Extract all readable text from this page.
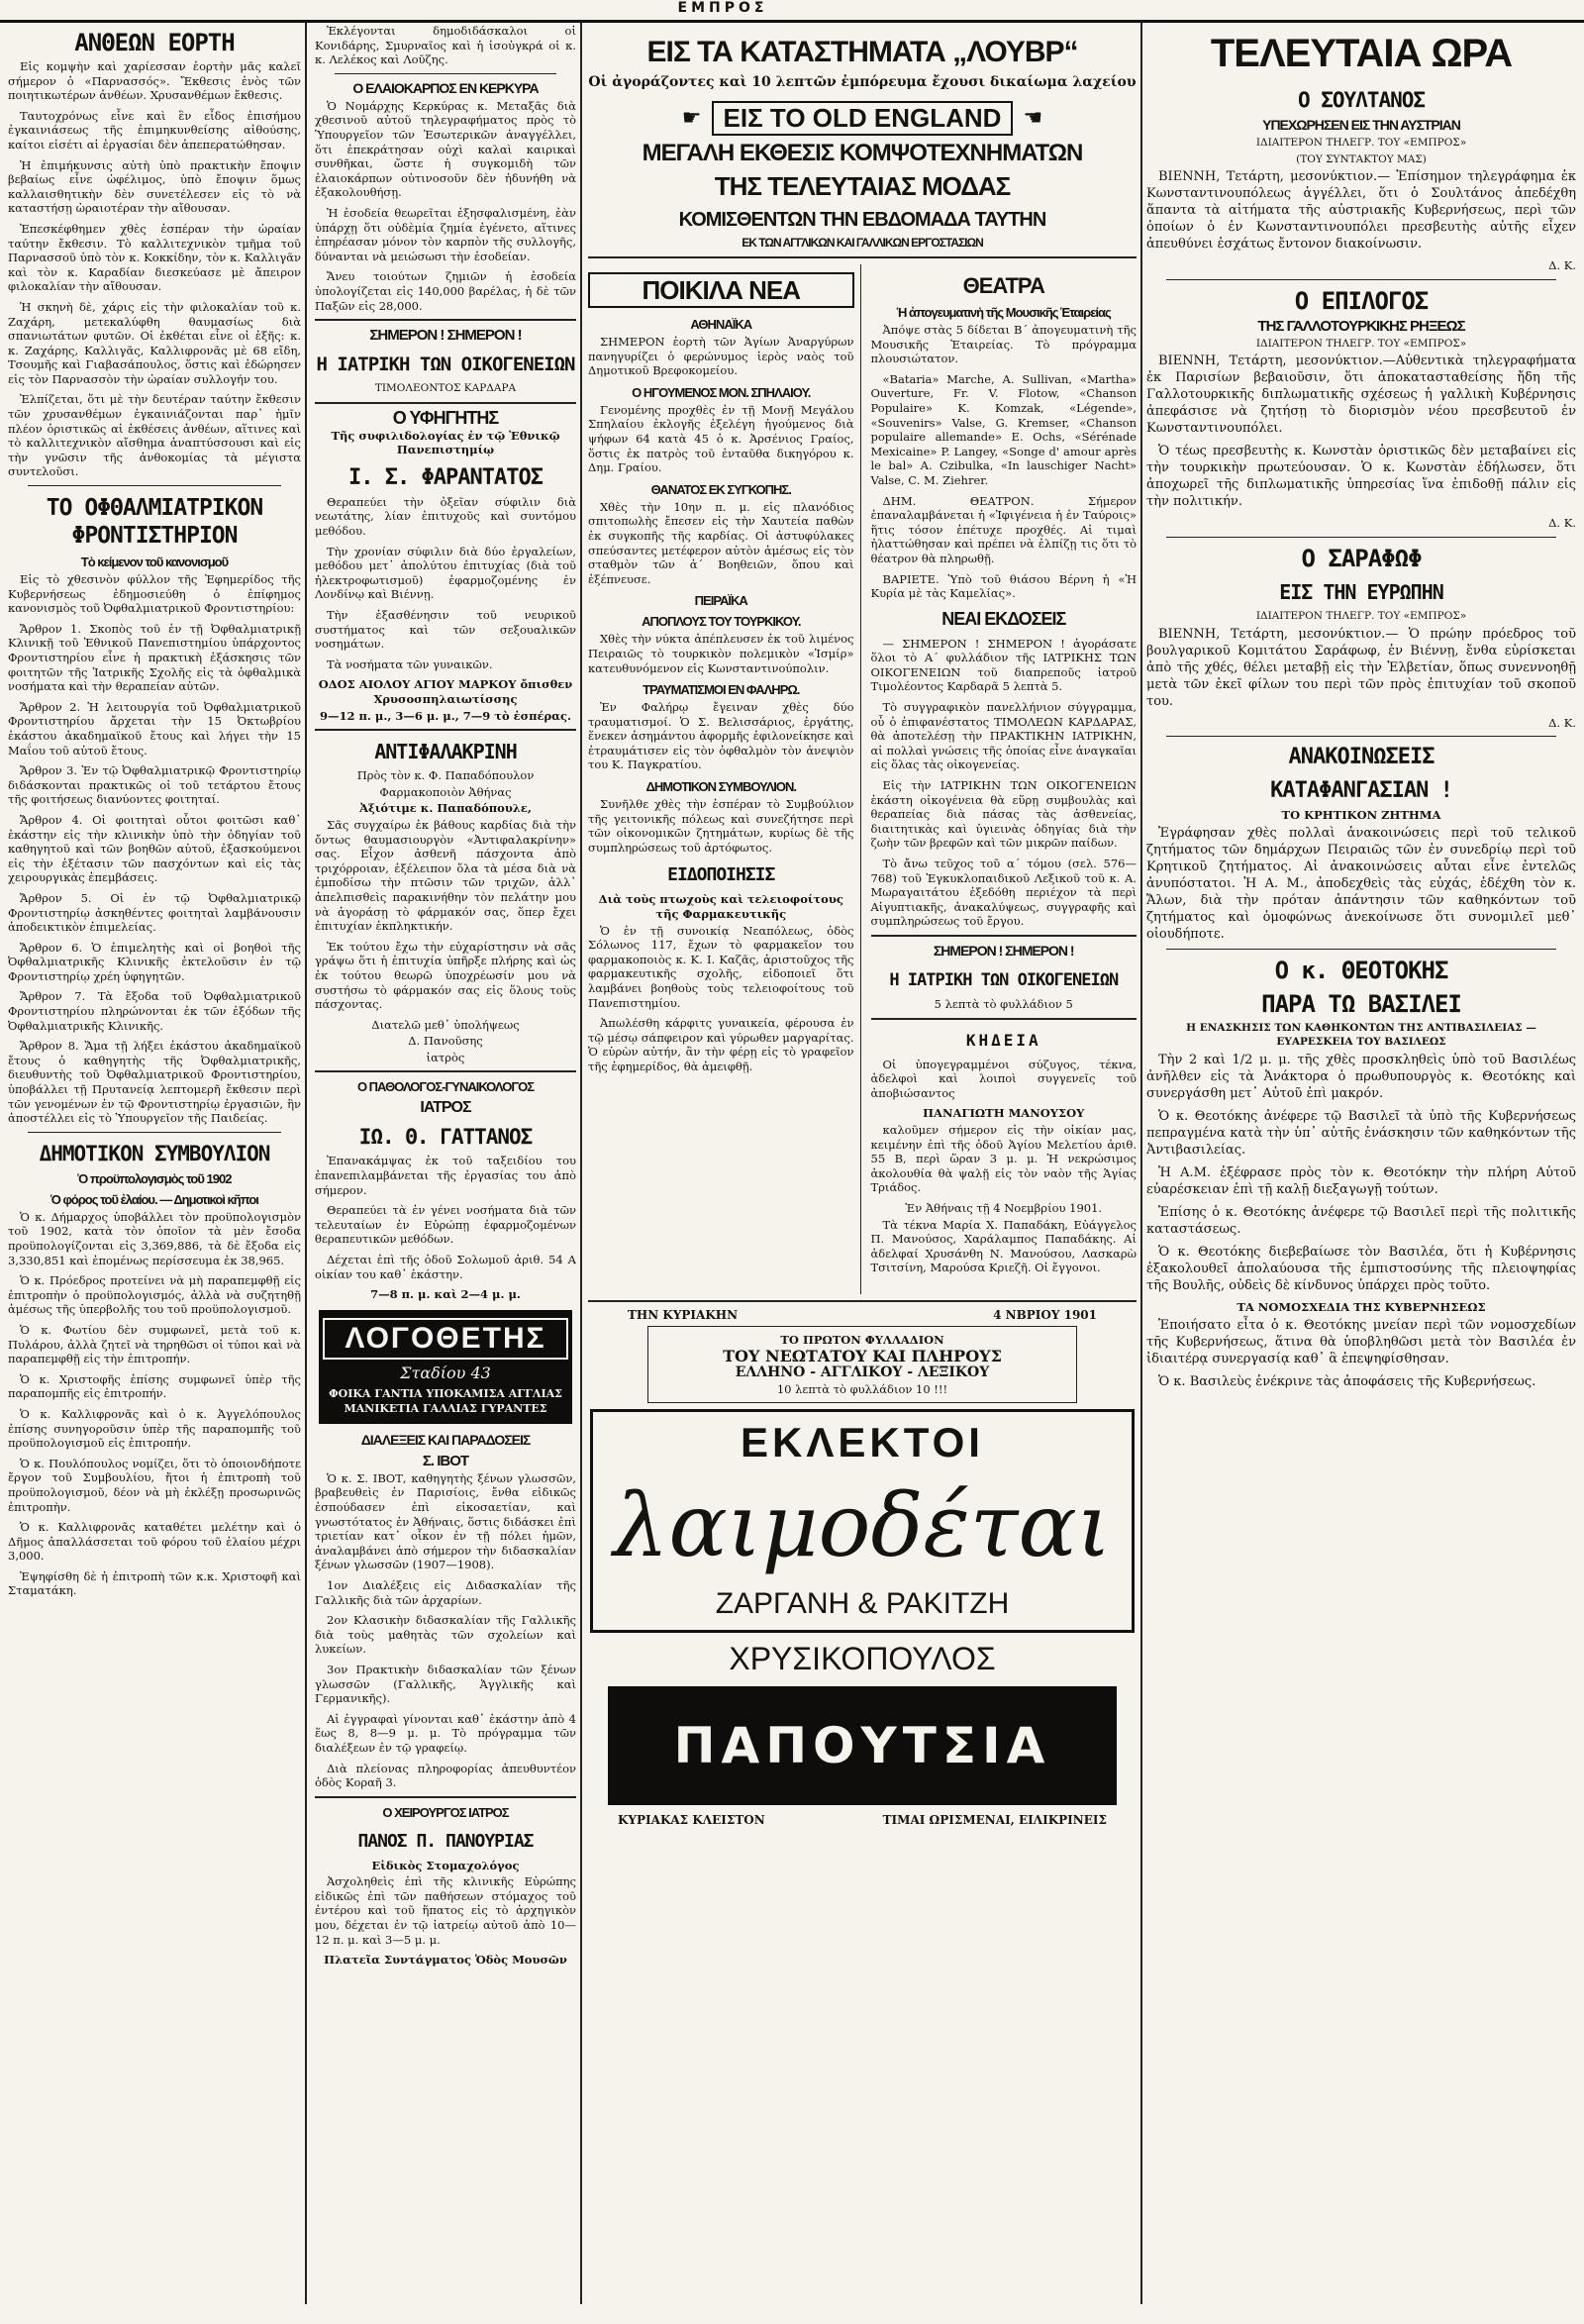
ΕΜΠΡΟΣ
ΑΝΘΕΩΝ ΕΟΡΤΗ

Εἰς κομψὴν καὶ χαρίεσσαν ἑορτὴν μᾶς καλεῖ σήμερον ὁ «Παρνασσός». Ἔκθεσις ἐνὸς τῶν ποιητικωτέρων ἀνθέων. Χρυσανθέμων ἔκθεσις.

Ταυτοχρόνως εἶνε καὶ ἓν εἶδος ἐπισήμου ἐγκαινιάσεως τῆς ἐπιμηκυνθείσης αἰθούσης, καίτοι εἰσέτι αἱ ἐργασίαι δὲν ἀπεπερατώθησαν.

Ἡ ἐπιμήκυνσις αὐτὴ ὑπὸ πρακτικὴν ἔποψιν βεβαίως εἶνε ὠφέλιμος, ὑπὸ ἔποψιν ὅμως καλλαισθητικὴν δὲν συνετέλεσεν εἰς τὸ νὰ καταστήσῃ ὡραιοτέραν τὴν αἴθουσαν.

Ἐπεσκέφθημεν χθὲς ἑσπέραν τὴν ὡραίαν ταύτην ἔκθεσιν. Τὸ καλλιτεχνικὸν τμῆμα τοῦ Παρνασσοῦ ὑπὸ τὸν κ. Κοκκίδην, τὸν κ. Καλλιγᾶν καὶ τὸν κ. Καραδίαν διεσκεύασε μὲ ἄπειρον φιλοκαλίαν τὴν αἴθουσαν.

Ἡ σκηνὴ δὲ, χάρις εἰς τὴν φιλοκαλίαν τοῦ κ. Ζαχάρη, μετεκαλύφθη θαυμασίως διὰ σπανιωτάτων φυτῶν. Οἱ ἐκθέται εἶνε οἱ ἑξῆς: κ. κ. Ζαχάρης, Καλλιγᾶς, Καλλιφρονᾶς μὲ 68 εἴδη, Τσουμῆς καὶ Γιαβασάπουλος, ὅστις καὶ ἐδώρησεν εἰς τὸν Παρνασσὸν τὴν ὡραίαν συλλογήν του.

Ἐλπίζεται, ὅτι μὲ τὴν δευτέραν ταύτην ἔκθεσιν τῶν χρυσανθέμων ἐγκαινιάζονται παρ᾽ ἡμῖν πλέον ὁριστικῶς αἱ ἐκθέσεις ἀνθέων, αἵτινες καὶ τὸ καλλιτεχνικὸν αἴσθημα ἀναπτύσσουσι καὶ εἰς τὴν γνῶσιν τῆς ἀνθοκομίας τὰ μέγιστα συντελοῦσι.

ΤΟ ΟΦΘΑΛΜΙΑΤΡΙΚΟΝ ΦΡΟΝΤΙΣΤΗΡΙΟΝ
Τὸ κείμενον τοῦ κανονισμοῦ

Εἰς τὸ χθεσινὸν φύλλον τῆς Ἐφημερίδος τῆς Κυβερνήσεως ἐδημοσιεύθη ὁ ἐπίφημος κανονισμὸς τοῦ Ὀφθαλμιατρικοῦ Φροντιστηρίου:

Ἄρθρον 1. Σκοπὸς τοῦ ἐν τῇ Ὀφθαλμιατρικῇ Κλινικῇ τοῦ Ἐθνικοῦ Πανεπιστημίου ὑπάρχοντος Φροντιστηρίου εἶνε ἡ πρακτικὴ ἐξάσκησις τῶν φοιτητῶν τῆς Ἰατρικῆς Σχολῆς εἰς τὰ ὀφθαλμικὰ νοσήματα καὶ τὴν θεραπείαν αὐτῶν.

Ἄρθρον 2. Ἡ λειτουργία τοῦ Ὀφθαλμιατρικοῦ Φροντιστηρίου ἄρχεται τὴν 15 Ὀκτωβρίου ἑκάστου ἀκαδημαϊκοῦ ἔτους καὶ λήγει τὴν 15 Μαΐου τοῦ αὐτοῦ ἔτους.

Ἄρθρον 3. Ἐν τῷ Ὀφθαλμιατρικῷ Φροντιστηρίῳ διδάσκονται πρακτικῶς οἱ τοῦ τετάρτου ἔτους τῆς φοιτήσεως διανύοντες φοιτηταί.

Ἄρθρον 4. Οἱ φοιτηταὶ οὗτοι φοιτῶσι καθ᾽ ἑκάστην εἰς τὴν κλινικὴν ὑπὸ τὴν ὁδηγίαν τοῦ καθηγητοῦ καὶ τῶν βοηθῶν αὐτοῦ, ἐξασκούμενοι εἰς τὴν ἐξέτασιν τῶν πασχόντων καὶ εἰς τὰς χειρουργικὰς ἐπεμβάσεις.

Ἄρθρον 5. Οἱ ἐν τῷ Ὀφθαλμιατρικῷ Φροντιστηρίῳ ἀσκηθέντες φοιτηταὶ λαμβάνουσιν ἀποδεικτικὸν ἐπιμελείας.

Ἄρθρον 6. Ὁ ἐπιμελητὴς καὶ οἱ βοηθοὶ τῆς Ὀφθαλμιατρικῆς Κλινικῆς ἐκτελοῦσιν ἐν τῷ Φροντιστηρίῳ χρέη ὑφηγητῶν.

Ἄρθρον 7. Τὰ ἔξοδα τοῦ Ὀφθαλμιατρικοῦ Φροντιστηρίου πληρώνονται ἐκ τῶν ἐξόδων τῆς Ὀφθαλμιατρικῆς Κλινικῆς.

Ἄρθρον 8. Ἅμα τῇ λήξει ἑκάστου ἀκαδημαϊκοῦ ἔτους ὁ καθηγητὴς τῆς Ὀφθαλμιατρικῆς, διευθυντὴς τοῦ Ὀφθαλμιατρικοῦ Φροντιστηρίου, ὑποβάλλει τῇ Πρυτανείᾳ λεπτομερῆ ἔκθεσιν περὶ τῶν γενομένων ἐν τῷ Φροντιστηρίῳ ἐργασιῶν, ἣν ἀποστέλλει εἰς τὸ Ὑπουργεῖον τῆς Παιδείας.

ΔΗΜΟΤΙΚΟΝ ΣΥΜΒΟΥΛΙΟΝ
Ὁ προϋπολογισμὸς τοῦ 1902
Ὁ φόρος τοῦ ἐλαίου. — Δημοτικοὶ κῆποι

Ὁ κ. Δήμαρχος ὑποβάλλει τὸν προϋπολογισμὸν τοῦ 1902, κατὰ τὸν ὁποῖον τὰ μὲν ἔσοδα προϋπολογίζονται εἰς 3,369,886, τὰ δὲ ἔξοδα εἰς 3,330,851 καὶ ἐπομένως περίσσευμα ἐκ 38,965.

Ὁ κ. Πρόεδρος προτείνει νὰ μὴ παραπεμφθῇ εἰς ἐπιτροπὴν ὁ προϋπολογισμός, ἀλλὰ νὰ συζητηθῇ ἀμέσως τῆς ὑπερβολῆς του τοῦ προϋπολογισμοῦ.

Ὁ κ. Φωτίου δὲν συμφωνεῖ, μετὰ τοῦ κ. Πυλάρου, ἀλλὰ ζητεῖ νὰ τηρηθῶσι οἱ τύποι καὶ νὰ παραπεμφθῇ εἰς τὴν ἐπιτροπήν.

Ὁ κ. Χριστοφῆς ἐπίσης συμφωνεῖ ὑπὲρ τῆς παραπομπῆς εἰς ἐπιτροπήν.

Ὁ κ. Καλλιφρονᾶς καὶ ὁ κ. Ἀγγελόπουλος ἐπίσης συνηγοροῦσιν ὑπὲρ τῆς παραπομπῆς τοῦ προϋπολογισμοῦ εἰς ἐπιτροπήν.

Ὁ κ. Πουλόπουλος νομίζει, ὅτι τὸ ὁποιονδήποτε ἔργον τοῦ Συμβουλίου, ἤτοι ἡ ἐπιτροπὴ τοῦ προϋπολογισμοῦ, δέον νὰ μὴ ἐκλέξῃ προσωρινῶς ἐπιτροπὴν.

Ὁ κ. Καλλιφρονᾶς καταθέτει μελέτην καὶ ὁ Δῆμος ἀπαλλάσσεται τοῦ φόρου τοῦ ἐλαίου μέχρι 3,000.

Ἐψηφίσθη δὲ ἡ ἐπιτροπὴ τῶν κ.κ. Χριστοφῆ καὶ Σταματάκη.

Ἐκλέγονται δημοδιδάσκαλοι οἱ Κονιδάρης, Σμυρναῖος καὶ ἡ ἰσοὐγκρά οἱ κ. κ. Λελέκος καὶ Λοῦζης.

Ο ΕΛΑΙΟΚΑΡΠΟΣ ΕΝ ΚΕΡΚΥΡΑ

Ὁ Νομάρχης Κερκύρας κ. Μεταξᾶς διὰ χθεσινοῦ αὐτοῦ τηλεγραφήματος πρὸς τὸ Ὑπουργεῖον τῶν Ἐσωτερικῶν ἀναγγέλλει, ὅτι ἐπεκράτησαν οὐχὶ καλαὶ καιρικαὶ συνθῆκαι, ὥστε ἡ συγκομιδὴ τῶν ἐλαιοκάρπων οὐτινοσοῦν δὲν ἠδυνήθη νὰ ἐξακολουθήσῃ.

Ἡ ἐσοδεία θεωρεῖται ἐξησφαλισμένη, ἐὰν ὑπάρχῃ ὅτι οὐδὲμία ζημία ἐγένετο, αἵτινες ἐπηρέασαν μόνον τὸν καρπὸν τῆς συλλογῆς, δύνανται νὰ μειώσωσι τὴν ἐσοδείαν.

Ἄνευ τοιούτων ζημιῶν ἡ ἐσοδεία ὑπολογίζεται εἰς 140,000 βαρέλας, ἡ δὲ τῶν Παξῶν εἰς 28,000.

ΣΗΜΕΡΟΝ ! ΣΗΜΕΡΟΝ !
Η ΙΑΤΡΙΚΗ ΤΩΝ ΟΙΚΟΓΕΝΕΙΩΝ

ΤΙΜΟΛΕΟΝΤΟΣ ΚΑΡΔΑΡΑ

Ο ΥΦΗΓΗΤΗΣ

Τῆς συφιλιδολογίας ἐν τῷ Ἐθνικῷ Πανεπιστημίῳ

Ι. Σ. ΦΑΡΑΝΤΑΤΟΣ

Θεραπεύει τὴν ὀξεῖαν σύφιλιν διὰ νεωτάτης, λίαν ἐπιτυχοῦς καὶ συντόμου μεθόδου.

Τὴν χρονίαν σύφιλιν διὰ δύο ἐργαλείων, μεθόδου μετ᾽ ἀπολύτου ἐπιτυχίας (διὰ τοῦ ἠλεκτροφωτισμοῦ) ἐφαρμοζομένης ἐν Λονδίνῳ καὶ Βιέννῃ.

Τὴν ἐξασθένησιν τοῦ νευρικοῦ συστήματος καὶ τῶν σεξουαλικῶν νοσημάτων.

Τὰ νοσήματα τῶν γυναικῶν.

ΟΔΟΣ ΑΙΟΛΟΥ ΑΓΙΟΥ ΜΑΡΚΟΥ ὄπισθεν Χρυσοσπηλαιωτίσσης

9—12 π. μ., 3—6 μ. μ., 7—9 τὸ ἑσπέρας.

ΑΝΤΙΦΑΛΑΚΡΙΝΗ

Πρὸς τὸν κ. Φ. Παπαδόπουλον

Φαρμακοποιὸν Ἀθήνας

Ἀξιότιμε κ. Παπαδόπουλε,

Σᾶς συγχαίρω ἐκ βάθους καρδίας διὰ τὴν ὄντως θαυμασιουργὸν «Ἀντιφαλακρίνην» σας. Εἶχον ἀσθενῆ πάσχοντα ἀπὸ τριχόρροιαν, ἐξέλειπον ὅλα τὰ μέσα διὰ νὰ ἐμποδίσω τὴν πτῶσιν τῶν τριχῶν, ἀλλ᾽ ἀπελπισθεὶς παρακινήθην τὸν πελάτην μου νὰ ἀγοράσῃ τὸ φάρμακόν σας, ὅπερ ἔχει ἐπιτυχίαν ἐκπληκτικήν.

Ἐκ τούτου ἔχω τὴν εὐχαρίστησιν νὰ σᾶς γράψω ὅτι ἡ ἐπιτυχία ὑπῆρξε πλήρης καὶ ὡς ἐκ τούτου θεωρῶ ὑποχρέωσίν μου νὰ συστήσω τὸ φάρμακόν σας εἰς ὅλους τοὺς πάσχοντας.

Διατελῶ μεθ᾽ ὑπολήψεως

Δ. Πανοῦσης

ἰατρὸς

Ο ΠΑΘΟΛΟΓΟΣ-ΓΥΝΑΙΚΟΛΟΓΟΣ
ΙΑΤΡΟΣ
ΙΩ. Θ. ΓΑΤΤΑΝΟΣ

Ἐπανακάμψας ἐκ τοῦ ταξειδίου του ἐπανεπιλαμβάνεται τῆς ἐργασίας του ἀπὸ σήμερον.

Θεραπεύει τὰ ἐν γένει νοσήματα διὰ τῶν τελευταίων ἐν Εὐρώπῃ ἐφαρμοζομένων θεραπευτικῶν μεθόδων.

Δέχεται ἐπὶ τῆς ὁδοῦ Σολωμοῦ ἀριθ. 54 Α οἰκίαν του καθ᾽ ἑκάστην.

7—8 π. μ. καὶ 2—4 μ. μ.

ΛΟΓΟΘΕΤΗΣ
Σταδίου 43
ΦΟΙΚΑ ΓΑΝΤΙΑ ΥΠΟΚΑΜΙΣΑ ΑΓΓΛΙΑΣ ΜΑΝΙΚΕΤΙΑ ΓΑΛΛΙΑΣ ΓΥΡΑΝΤΕΣ
ΔΙΑΛΕΞΕΙΣ ΚΑΙ ΠΑΡΑΔΟΣΕΙΣ
Σ. ΙΒΟΤ

Ὁ κ. Σ. ΙΒΟΤ, καθηγητὴς ξένων γλωσσῶν, βραβευθεὶς ἐν Παρισίοις, ἔνθα εἰδικῶς ἐσπούδασεν ἐπὶ εἰκοσαετίαν, καὶ γνωστότατος ἐν Ἀθήναις, ὅστις διδάσκει ἐπὶ τριετίαν κατ᾽ οἶκον ἐν τῇ πόλει ἡμῶν, ἀναλαμβάνει ἀπὸ σήμερον τὴν διδασκαλίαν ξένων γλωσσῶν (1907—1908).

1ον Διαλέξεις εἰς Διδασκαλίαν τῆς Γαλλικῆς διὰ τῶν ἀρχαρίων.

2ον Κλασικὴν διδασκαλίαν τῆς Γαλλικῆς διὰ τοὺς μαθητὰς τῶν σχολείων καὶ λυκείων.

3ον Πρακτικὴν διδασκαλίαν τῶν ξένων γλωσσῶν (Γαλλικῆς, Ἀγγλικῆς καὶ Γερμανικῆς).

Αἱ ἐγγραφαὶ γίνονται καθ᾽ ἑκάστην ἀπὸ 4 ἕως 8, 8—9 μ. μ. Τὸ πρόγραμμα τῶν διαλέξεων ἐν τῷ γραφείῳ.

Διὰ πλείονας πληροφορίας ἀπευθυντέον ὁδὸς Κοραῆ 3.

Ο ΧΕΙΡΟΥΡΓΟΣ ΙΑΤΡΟΣ
ΠΑΝΟΣ Π. ΠΑΝΟΥΡΙΑΣ

Εἰδικὸς Στομαχολόγος

Ἀσχοληθεὶς ἐπὶ τῆς κλινικῆς Εὐρώπης εἰδικῶς ἐπὶ τῶν παθήσεων στόμαχος τοῦ ἐντέρου καὶ τοῦ ἥπατος εἰς τὸ ἀρχηγικὸν μου, δέχεται ἐν τῷ ἰατρείῳ αὐτοῦ ἀπὸ 10—12 π. μ. καὶ 3—5 μ. μ.

Πλατεῖα Συντάγματος Ὁδὸς Μουσῶν

ΕΙΣ ΤΑ ΚΑΤΑΣΤΗΜΑΤΑ „ΛΟΥΒΡ“

Οἱ ἀγοράζοντες καὶ 10 λεπτῶν ἐμπόρευμα ἔχουσι δικαίωμα λαχείου

☛ ΕΙΣ ΤΟ OLD ENGLAND	☚
ΜΕΓΑΛΗ ΕΚΘΕΣΙΣ ΚΟΜΨΟΤΕΧΝΗΜΑΤΩΝ
ΤΗΣ ΤΕΛΕΥΤΑΙΑΣ ΜΟΔΑΣ
ΚΟΜΙΣΘΕΝΤΩΝ ΤΗΝ ΕΒΔΟΜΑΔΑ ΤΑΥΤΗΝ
ΕΚ ΤΩΝ ΑΓΓΛΙΚΩΝ ΚΑΙ ΓΑΛΛΙΚΩΝ ΕΡΓΟΣΤΑΣΙΩΝ
ΠΟΙΚΙΛΑ ΝΕΑ
ΑΘΗΝΑΪΚΑ

ΣΗΜΕΡΟΝ ἑορτὴ τῶν Ἁγίων Ἀναργύρων πανηγυρίζει ὁ φερώνυμος ἱερὸς ναὸς τοῦ Δημοτικοῦ Βρεφοκομείου.

Ο ΗΓΟΥΜΕΝΟΣ ΜΟΝ. ΣΠΗΛΑΙΟΥ.

Γενομένης προχθὲς ἐν τῇ Μονῇ Μεγάλου Σπηλαίου ἐκλογῆς ἐξελέγη ἡγούμενος διὰ ψήφων 64 κατὰ 45 ὁ κ. Ἀρσένιος Γραίος, ὅστις ἐκ πατρὸς τοῦ ἐνταῦθα δικηγόρου κ. Δημ. Γραίου.

ΘΑΝΑΤΟΣ ΕΚ ΣΥΓΚΟΠΗΣ.

Χθὲς τὴν 10ην π. μ. εἰς πλανόδιος σπιτοπωλὴς ἔπεσεν εἰς τὴν Χαυτεία παθὼν ἐκ συγκοπῆς τῆς καρδίας. Οἱ ἀστυφύλακες σπεύσαντες μετέφερον αὐτὸν ἀμέσως εἰς τὸν σταθμὸν τῶν ἀ΄ Βοηθειῶν, ὅπου καὶ ἐξέπνευσε.

ΠΕΙΡΑΪΚΑ
ΑΠΟΠΛΟΥΣ ΤΟΥ ΤΟΥΡΚΙΚΟΥ.

Χθὲς τὴν νύκτα ἀπέπλευσεν ἐκ τοῦ λιμένος Πειραιῶς τὸ τουρκικὸν πολεμικὸν «Ἰσμίρ» κατευθυνόμενον εἰς Κωνσταντινούπολιν.

ΤΡΑΥΜΑΤΙΣΜΟΙ ΕΝ ΦΑΛΗΡΩ.

Ἐν Φαλήρῳ ἔγειναν χθὲς δύο τραυματισμοί. Ὁ Σ. Βελισσάριος, ἐργάτης, ἕνεκεν ἀσημάντου ἀφορμῆς ἐφιλονείκησε καὶ ἐτραυμάτισεν εἰς τὸν ὀφθαλμὸν τὸν ἀνεψιὸν του Κ. Παγκρατίου.

ΔΗΜΟΤΙΚΟΝ ΣΥΜΒΟΥΛΙΟΝ.

Συνῆλθε χθὲς τὴν ἑσπέραν τὸ Συμβούλιον τῆς γειτονικῆς πόλεως καὶ συνεζήτησε περὶ τῶν οἰκονομικῶν ζητημάτων, κυρίως δὲ τῆς συμπληρώσεως τοῦ ἀρτόφωτος.

ΕΙΔΟΠΟΙΗΣΙΣ

Διὰ τοὺς πτωχοὺς καὶ τελειοφοίτους τῆς Φαρμακευτικῆς

Ὁ ἐν τῇ συνοικίᾳ Νεαπόλεως, ὁδὸς Σόλωνος 117, ἔχων τὸ φαρμακεῖον του φαρμακοποιὸς κ. Κ. Ι. Καζᾶς, ἀριστοῦχος τῆς φαρμακευτικῆς σχολῆς, εἰδοποιεῖ ὅτι λαμβάνει βοηθοὺς τοὺς τελειοφοίτους τοῦ Πανεπιστημίου.

Ἀπωλέσθη κάρφιτς γυναικεία, φέρουσα ἐν τῷ μέσῳ σάπφειρον καὶ γύρωθεν μαργαρίτας. Ὁ εὑρὼν αὐτήν, ἂν τὴν φέρῃ εἰς τὸ γραφεῖον τῆς ἐφημερίδος, θὰ ἀμειφθῇ.

ΘΕΑΤΡΑ
Ἡ ἀπογευματινὴ τῆς Μουσικῆς Ἑταιρείας

Ἀπόψε στὰς 5 δίδεται Β΄ ἀπογευματινὴ τῆς Μουσικῆς Ἑταιρείας. Τὸ πρόγραμμα πλουσιώτατον.

«Bataria» Marche, A. Sullivan, «Martha» Ouverture, Fr. V. Flotow, «Chanson Populaire» K. Komzak, «Légende», «Souvenirs» Valse, G. Kremser, «Chanson populaire allemande» E. Ochs, «Sérénade Mexicaine» P. Langey, «Songe d' amour après le bal» A. Czibulka, «In lauschiger Nacht» Valse, C. M. Ziehrer.

ΔΗΜ. ΘΕΑΤΡΟΝ. Σήμερον ἐπαναλαμβάνεται ἡ «Ἰφιγένεια ἡ ἐν Ταύροις» ἥτις τόσον ἐπέτυχε προχθές. Αἱ τιμαὶ ἠλαττώθησαν καὶ πρέπει νὰ ἐλπίζῃ τις ὅτι τὸ θέατρον θὰ πληρωθῇ.

ΒΑΡΙΕΤΕ. Ὑπὸ τοῦ θιάσου Βέρνη ἡ «Ἡ Κυρία μὲ τὰς Καμελίας».

ΝΕΑΙ ΕΚΔΟΣΕΙΣ

— ΣΗΜΕΡΟΝ ! ΣΗΜΕΡΟΝ ! ἀγοράσατε ὅλοι τὸ Α΄ φυλλάδιον τῆς ΙΑΤΡΙΚΗΣ ΤΩΝ ΟΙΚΟΓΕΝΕΙΩΝ τοῦ διαπρεποῦς ἰατροῦ Τιμολέοντος Καρδαρᾶ 5 λεπτὰ 5.

Τὸ συγγραφικὸν πανελλήνιον σύγγραμμα, οὗ ὁ ἐπιφανέστατος ΤΙΜΟΛΕΩΝ ΚΑΡΔΑΡΑΣ, θὰ ἀποτελέσῃ τὴν ΠΡΑΚΤΙΚΗΝ ΙΑΤΡΙΚΗΝ, αἱ πολλαὶ γνώσεις τῆς ὁποίας εἶνε ἀναγκαῖαι εἰς ὅλας τὰς οἰκογενείας.

Εἰς τὴν ΙΑΤΡΙΚΗΝ ΤΩΝ ΟΙΚΟΓΕΝΕΙΩΝ ἑκάστη οἰκογένεια θὰ εὕρῃ συμβουλὰς καὶ θεραπείας διὰ πάσας τὰς ἀσθενείας, διαιτητικὰς καὶ ὑγιεινὰς ὁδηγίας διὰ τὴν ζωὴν τῶν βρεφῶν καὶ τῶν μικρῶν παίδων.

Τὸ ἄνω τεῦχος τοῦ α΄ τόμου (σελ. 576—768) τοῦ Ἐγκυκλοπαιδικοῦ Λεξικοῦ τοῦ κ. Α. Μωραγαιτάτου ἐξεδόθη περιέχον τὰ περὶ Αἰγυπτιακῆς, ἀνακαλύψεως, συγγραφῆς καὶ συμπληρώσεως τοῦ ἔργου.

ΣΗΜΕΡΟΝ ! ΣΗΜΕΡΟΝ !
Η ΙΑΤΡΙΚΗ ΤΩΝ ΟΙΚΟΓΕΝΕΙΩΝ

5 λεπτὰ τὸ φυλλάδιον 5

ΚΗΔΕΙΑ

Οἱ ὑπογεγραμμένοι σύζυγος, τέκνα, ἀδελφοὶ καὶ λοιποὶ συγγενεῖς τοῦ ἀποβιώσαντος

ΠΑΝΑΓΙΩΤΗ ΜΑΝΟΥΣΟΥ

καλοῦμεν σήμερον εἰς τὴν οἰκίαν μας, κειμένην ἐπὶ τῆς ὁδοῦ Ἁγίου Μελετίου ἀριθ. 55 Β, περὶ ὥραν 3 μ. μ. Ἡ νεκρώσιμος ἀκολουθία θὰ ψαλῇ εἰς τὸν ναὸν τῆς Ἁγίας Τριάδος.

Ἐν Ἀθήναις τῇ 4 Νοεμβρίου 1901.

Τὰ τέκνα Μαρία Χ. Παπαδάκη, Εὐάγγελος Π. Μανούσος, Χαράλαμπος Παπαδάκης. Αἱ ἀδελφαί Χρυσάνθη Ν. Μανούσου, Λασκαρὼ Τσιτσίνη, Μαρούσα Κριεζῆ. Οἱ ἔγγονοι.

ΤΗΝ ΚΥΡΙΑΚΗΝ	4 ΝΒΡΙΟΥ 1901

ΤΟ ΠΡΩΤΟΝ ΦΥΛΛΑΔΙΟΝ

ΤΟΥ ΝΕΩΤΑΤΟΥ ΚΑΙ ΠΛΗΡΟΥΣ

ΕΛΛΗΝΟ - ΑΓΓΛΙΚΟΥ - ΛΕΞΙΚΟΥ

10 λεπτὰ τὸ φυλλάδιον 10 !!!

ΕΚΛΕΚΤΟΙ
λαιμοδέται
ΖΑΡΓΑΝΗ & ΡΑΚΙΤΖΗ
ΧΡΥΣΙΚΟΠΟΥΛΟΣ
ΠΑΠΟΥΤΣΙΑ
ΚΥΡΙΑΚΑΣ ΚΛΕΙΣΤΟΝ	ΤΙΜΑΙ ΩΡΙΣΜΕΝΑΙ, ΕΙΛΙΚΡΙΝΕΙΣ
ΤΕΛΕΥΤΑΙΑ ΩΡΑ
Ο ΣΟΥΛΤΑΝΟΣ
ΥΠΕΧΩΡΗΣΕΝ ΕΙΣ ΤΗΝ ΑΥΣΤΡΙΑΝ

ΙΔΙΑΙΤΕΡΟΝ ΤΗΛΕΓΡ. ΤΟΥ «ΕΜΠΡΟΣ»

(ΤΟΥ ΣΥΝΤΑΚΤΟΥ ΜΑΣ)

ΒΙΕΝΝΗ, Τετάρτη, μεσονύκτιον.— Ἐπίσημον τηλεγράφημα ἐκ Κωνσταντινουπόλεως ἀγγέλλει, ὅτι ὁ Σουλτάνος ἀπεδέχθη ἅπαντα τὰ αἰτήματα τῆς αὐστριακῆς Κυβερνήσεως, περὶ τῶν ὁποίων ὁ ἐν Κωνσταντινουπόλει πρεσβευτὴς αὐτῆς εἶχεν ἀπευθύνει ἐσχάτως ἔντονον διακοίνωσιν.

Δ. Κ.

Ο ΕΠΙΛΟΓΟΣ
ΤΗΣ ΓΑΛΛΟΤΟΥΡΚΙΚΗΣ ΡΗΞΕΩΣ

ΙΔΙΑΙΤΕΡΟΝ ΤΗΛΕΓΡ. ΤΟΥ «ΕΜΠΡΟΣ»

ΒΙΕΝΝΗ, Τετάρτη, μεσονύκτιον.—Αὐθεντικὰ τηλεγραφήματα ἐκ Παρισίων βεβαιοῦσιν, ὅτι ἀποκατασταθείσης ἤδη τῆς Γαλλοτουρκικῆς διπλωματικῆς σχέσεως ἡ γαλλικὴ Κυβέρνησις ἀπεφάσισε νὰ ζητήσῃ τὸ διορισμὸν νέου πρεσβευτοῦ ἐν Κωνσταντινουπόλει.

Ὁ τέως πρεσβευτὴς κ. Κωνστὰν ὁριστικῶς δὲν μεταβαίνει εἰς τὴν τουρκικὴν πρωτεύουσαν. Ὁ κ. Κωνστὰν ἐδήλωσεν, ὅτι ἀποχωρεῖ τῆς διπλωματικῆς ὑπηρεσίας ἵνα ἐπιδοθῇ πάλιν εἰς τὴν πολιτικήν.

Δ. Κ.

Ο ΣΑΡΑΦΩΦ
ΕΙΣ ΤΗΝ ΕΥΡΩΠΗΝ

ΙΔΙΑΙΤΕΡΟΝ ΤΗΛΕΓΡ. ΤΟΥ «ΕΜΠΡΟΣ»

ΒΙΕΝΝΗ, Τετάρτη, μεσονύκτιον.— Ὁ πρώην πρόεδρος τοῦ βουλγαρικοῦ Κομιτάτου Σαράφωφ, ἐν Βιέννῃ, ἔνθα εὑρίσκεται ἀπὸ τῆς χθές, θέλει μεταβῇ εἰς τὴν Ἐλβετίαν, ὅπως συνεννοηθῇ μετὰ τῶν ἐκεῖ φίλων του περὶ τῶν πρὸς ἐπιτυχίαν τοῦ σκοποῦ του.

Δ. Κ.

ΑΝΑΚΟΙΝΩΣΕΙΣ
ΚΑΤΑΦΑΝΓΑΣΙΑΝ !

ΤΟ ΚΡΗΤΙΚΟΝ ΖΗΤΗΜΑ

Ἐγράφησαν χθὲς πολλαὶ ἀνακοινώσεις περὶ τοῦ τελικοῦ ζητήματος τῶν δημάρχων Πειραιῶς τῶν ἐν συνεδρίῳ περὶ τοῦ Κρητικοῦ ζητήματος. Αἱ ἀνακοινώσεις αὗται εἶνε ἐντελῶς ἀνυπόστατοι. Ἡ Α. Μ., ἀποδεχθεὶς τὰς εὐχάς, ἐδέχθη τὸν κ. Ἄλων, διὰ τὴν πρόταν ἀπάντησιν τῶν καθηκόντων τοῦ ζητήματος καὶ ὁμοφώνως ἀνεκοίνωσε ὅτι συνομιλεῖ μεθ᾽ οἰουδήποτε.

Ο κ. ΘΕΟΤΟΚΗΣ
ΠΑΡΑ ΤΩ ΒΑΣΙΛΕΙ

Η ΕΝΑΣΚΗΣΙΣ ΤΩΝ ΚΑΘΗΚΟΝΤΩΝ ΤΗΣ ΑΝΤΙΒΑΣΙΛΕΙΑΣ — ΕΥΑΡΕΣΚΕΙΑ ΤΟΥ ΒΑΣΙΛΕΩΣ

Τὴν 2 καὶ 1/2 μ. μ. τῆς χθὲς προσκληθεὶς ὑπὸ τοῦ Βασιλέως ἀνῆλθεν εἰς τὰ Ἀνάκτορα ὁ πρωθυπουργὸς κ. Θεοτόκης καὶ συνεργάσθη μετ᾽ Αὐτοῦ ἐπὶ μακρόν.

Ὁ κ. Θεοτόκης ἀνέφερε τῷ Βασιλεῖ τὰ ὑπὸ τῆς Κυβερνήσεως πεπραγμένα κατὰ τὴν ὑπ᾽ αὐτῆς ἐνάσκησιν τῶν καθηκόντων τῆς Ἀντιβασιλείας.

Ἡ Α.Μ. ἐξέφρασε πρὸς τὸν κ. Θεοτόκην τὴν πλήρη Αὐτοῦ εὐαρέσκειαν ἐπὶ τῇ καλῇ διεξαγωγῇ τούτων.

Ἐπίσης ὁ κ. Θεοτόκης ἀνέφερε τῷ Βασιλεῖ περὶ τῆς πολιτικῆς καταστάσεως.

Ὁ κ. Θεοτόκης διεβεβαίωσε τὸν Βασιλέα, ὅτι ἡ Κυβέρνησις ἐξακολουθεῖ ἀπολαύουσα τῆς ἐμπιστοσύνης τῆς πλειοψηφίας τῆς Βουλῆς, οὐδεὶς δὲ κίνδυνος ὑπάρχει πρὸς τοῦτο.

ΤΑ ΝΟΜΟΣΧΕΔΙΑ ΤΗΣ ΚΥΒΕΡΝΗΣΕΩΣ

Ἐποιήσατο εἶτα ὁ κ. Θεοτόκης μνείαν περὶ τῶν νομοσχεδίων τῆς Κυβερνήσεως, ἅτινα θὰ ὑποβληθῶσι μετὰ τὸν Βασιλέα ἐν ἰδιαιτέρᾳ συνεργασίᾳ καθ᾽ ἃ ἐπεψηφίσθησαν.

Ὁ κ. Βασιλεὺς ἐνέκρινε τὰς ἀποφάσεις τῆς Κυβερνήσεως.
